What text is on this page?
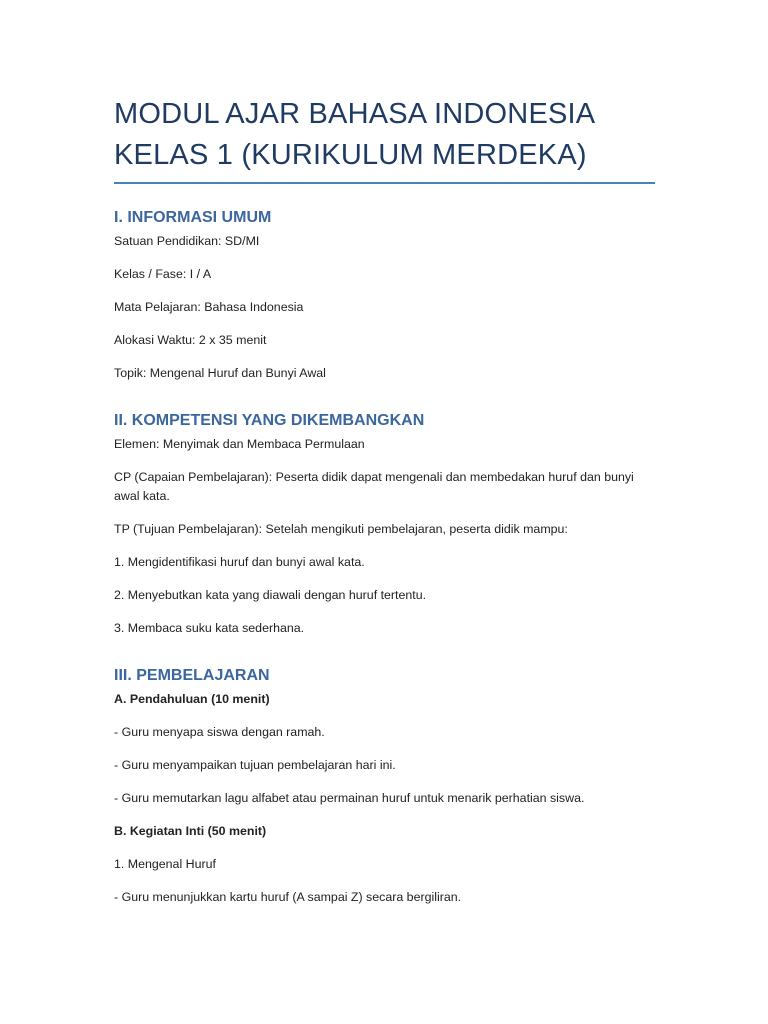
MODUL AJAR BAHASA INDONESIA
KELAS 1 (KURIKULUM MERDEKA)
I. INFORMASI UMUM

Satuan Pendidikan: SD/MI

Kelas / Fase: I / A

Mata Pelajaran: Bahasa Indonesia

Alokasi Waktu: 2 x 35 menit

Topik: Mengenal Huruf dan Bunyi Awal

II. KOMPETENSI YANG DIKEMBANGKAN

Elemen: Menyimak dan Membaca Permulaan

CP (Capaian Pembelajaran): Peserta didik dapat mengenali dan membedakan huruf dan bunyi awal kata.

TP (Tujuan Pembelajaran): Setelah mengikuti pembelajaran, peserta didik mampu:

1. Mengidentifikasi huruf dan bunyi awal kata.

2. Menyebutkan kata yang diawali dengan huruf tertentu.

3. Membaca suku kata sederhana.

III. PEMBELAJARAN

A. Pendahuluan (10 menit)

- Guru menyapa siswa dengan ramah.

- Guru menyampaikan tujuan pembelajaran hari ini.

- Guru memutarkan lagu alfabet atau permainan huruf untuk menarik perhatian siswa.

B. Kegiatan Inti (50 menit)

1. Mengenal Huruf

- Guru menunjukkan kartu huruf (A sampai Z) secara bergiliran.
